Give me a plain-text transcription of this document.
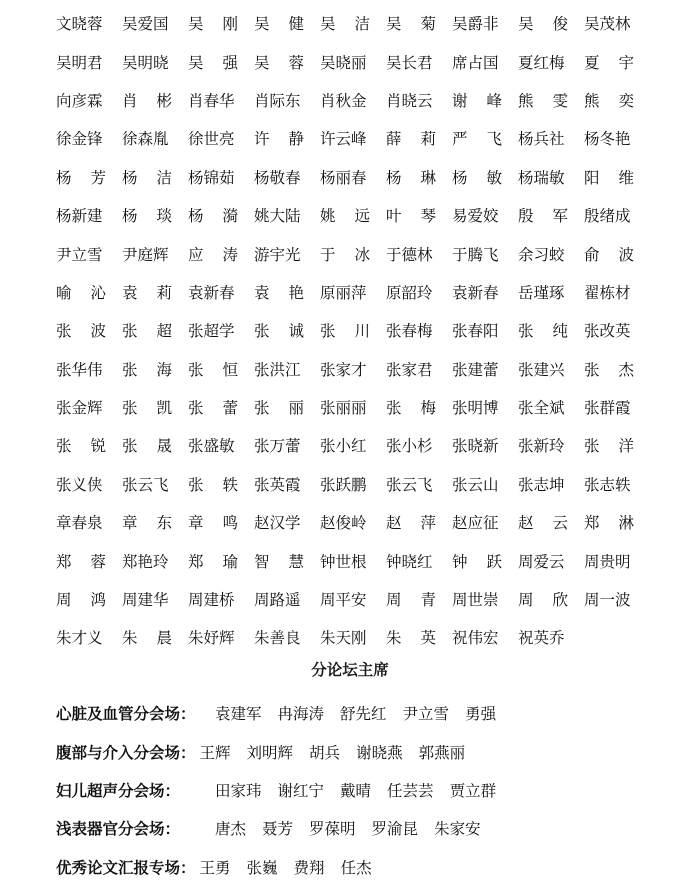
文晓蓉 吴爱国 吴 刚 吴 健 吴 洁 吴 菊 吴爵非 吴 俊 吴茂林
吴明君 吴明晓 吴 强 吴 蓉 吴晓丽 吴长君 席占国 夏红梅 夏 宇
向彦霖 肖 彬 肖春华 肖际东 肖秋金 肖晓云 谢 峰 熊 雯 熊 奕
徐金锋 徐森胤 徐世亮 许 静 许云峰 薛 莉 严 飞 杨兵社 杨冬艳
杨 芳 杨 洁 杨锦茹 杨敬春 杨丽春 杨 琳 杨 敏 杨瑞敏 阳 维
杨新建 杨 琰 杨 漪 姚大陆 姚 远 叶 琴 易爱姣 殷 军 殷绪成
尹立雪 尹庭辉 应 涛 游宇光 于 冰 于德林 于腾飞 余习蛟 俞 波
喻 沁 袁 莉 袁新春 袁 艳 原丽萍 原韶玲 袁新春 岳瑾琢 翟栋材
张 波 张 超 张超学 张 诚 张 川 张春梅 张春阳 张 纯 张改英
张华伟 张 海 张 恒 张洪江 张家才 张家君 张建蕾 张建兴 张 杰
张金辉 张 凯 张 蕾 张 丽 张丽丽 张 梅 张明博 张全斌 张群霞
张 锐 张 晟 张盛敏 张万蕾 张小红 张小杉 张晓新 张新玲 张 洋
张义侠 张云飞 张 轶 张英霞 张跃鹏 张云飞 张云山 张志坤 张志轶
章春泉 章 东 章 鸣 赵汉学 赵俊岭 赵 萍 赵应征 赵 云 郑 淋
郑 蓉 郑艳玲 郑 瑜 智 慧 钟世根 钟晓红 钟 跃 周爱云 周贵明
周 鸿 周建华 周建桥 周路遥 周平安 周 青 周世崇 周 欣 周一波
朱才义 朱 晨 朱妤辉 朱善良 朱天刚 朱 英 祝伟宏 祝英乔
分论坛主席
心脏及血管分会场：	袁建军 冉海涛 舒先红 尹立雪 勇强
腹部与介入分会场： 王辉 刘明辉 胡兵 谢晓燕 郭燕丽
妇儿超声分会场：	田家玮 谢红宁 戴晴 任芸芸 贾立群
浅表器官分会场：	唐杰 聂芳 罗葆明 罗渝昆 朱家安
优秀论文汇报专场： 王勇 张巍 费翔 任杰
